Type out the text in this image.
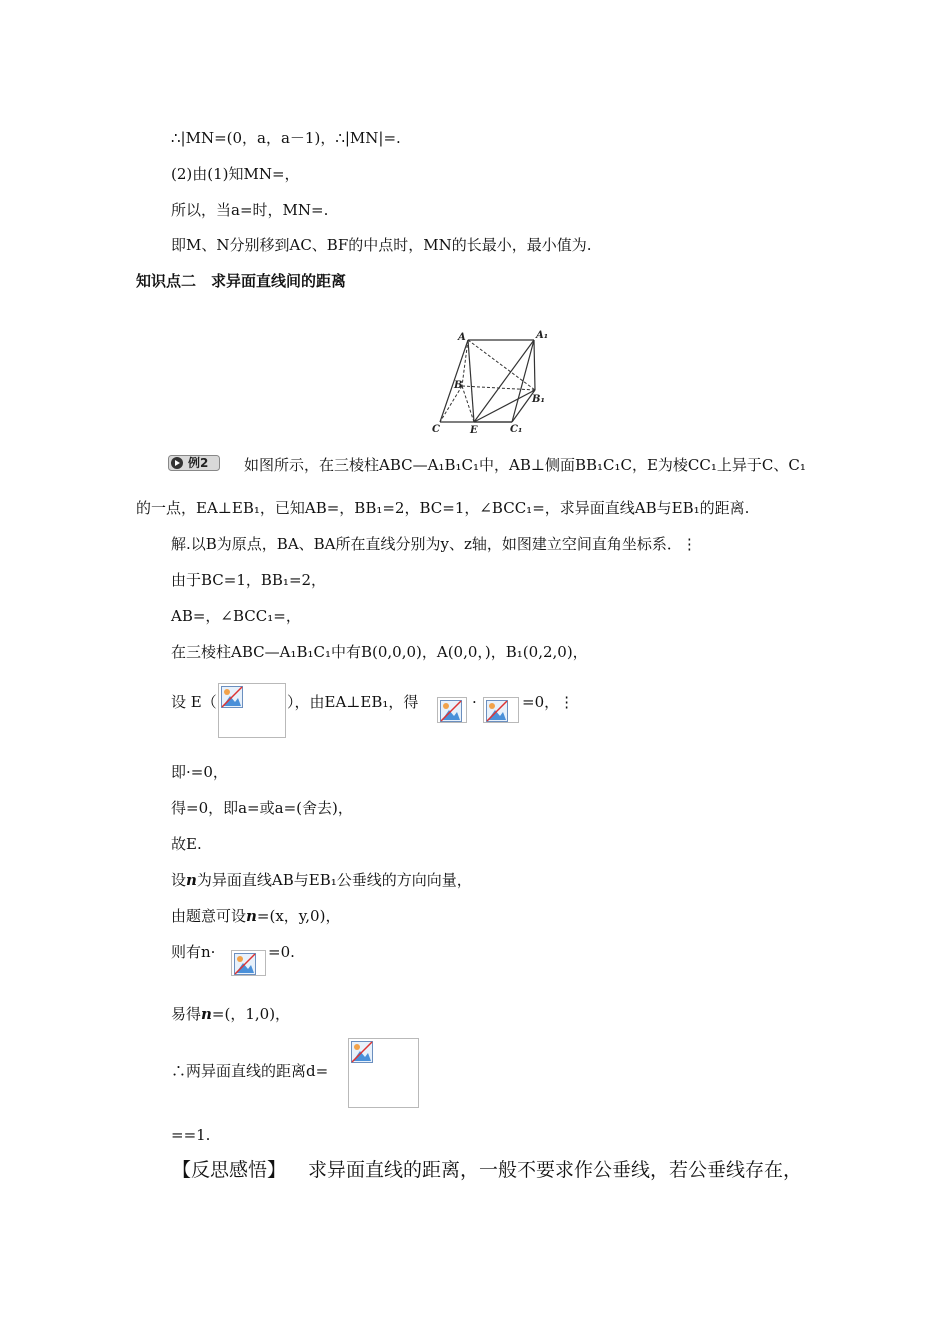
∴|MN=(0，a，a－1)，∴|MN|=.
(2)由(1)知MN=，
所以，当a=时，MN=.
即M、N分别移到AC、BF的中点时，MN的长最小，最小值为.
知识点二　求异面直线间的距离
A	A₁
B
B₁
C	E	C₁
例2 如图所示，在三棱柱ABC—A₁B₁C₁中，AB⊥侧面BB₁C₁C，E为棱CC₁上异于C、C₁
的一点，EA⊥EB₁，已知AB=，BB₁=2，BC=1，∠BCC₁=，求异面直线AB与EB₁的距离.
解.以B为原点，BA、BA所在直线分别为y、z轴，如图建立空间直角坐标系．⋮
由于BC=1，BB₁=2，
AB=，∠BCC₁=，
在三棱柱ABC—A₁B₁C₁中有B(0,0,0)，A(0,0，)，B₁(0,2,0)，
设 E（	），由EA⊥EB₁，得	·	=0，⋮
即·=0，
得=0，即a=或a=(舍去)，
故E.
设n为异面直线AB与EB₁公垂线的方向向量，
由题意可设n=(x，y,0)，
则有n·	=0.
易得n=(，1,0)，
∴两异面直线的距离d=
==1.
【反思感悟】 求异面直线的距离，一般不要求作公垂线，若公垂线存在，
